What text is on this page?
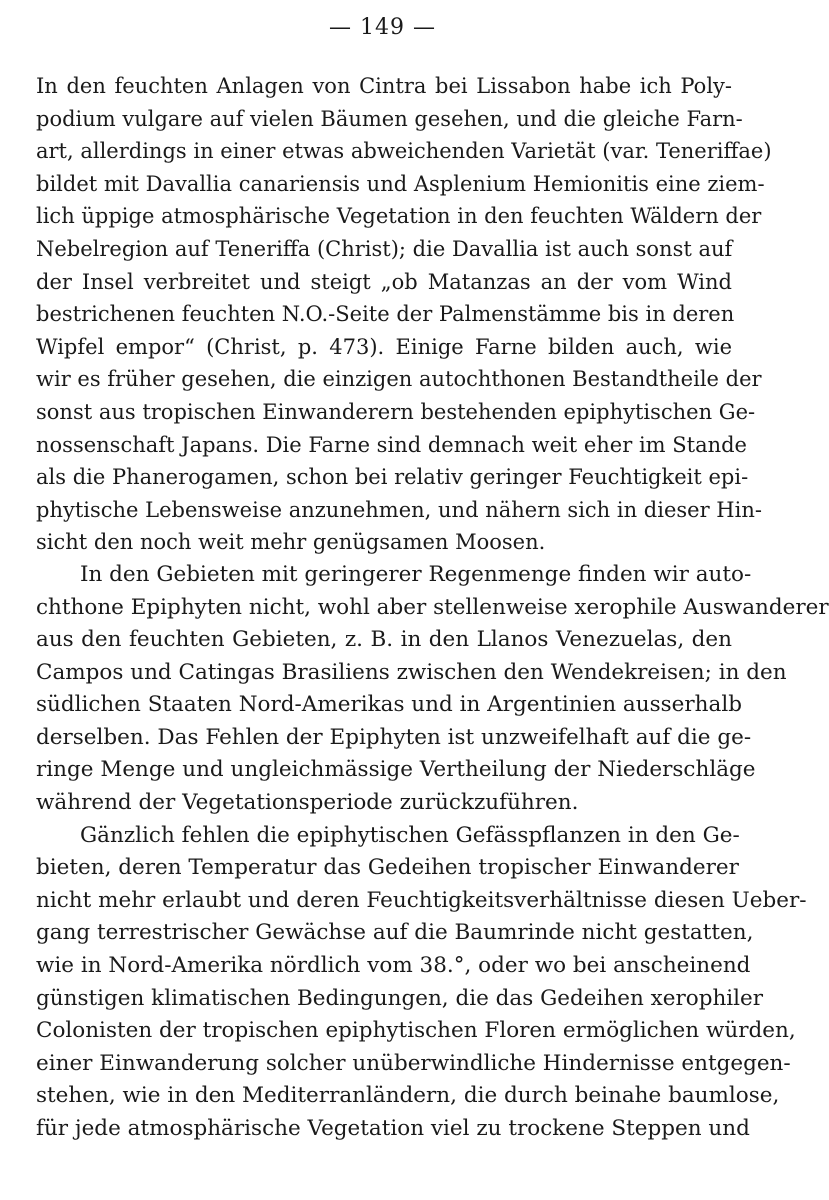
— 149 —
In den feuchten Anlagen von Cintra bei Lissabon habe ich Poly-
podium vulgare auf vielen Bäumen gesehen, und die gleiche Farn-
art, allerdings in einer etwas abweichenden Varietät (var. Teneriffae)
bildet mit Davallia canariensis und Asplenium Hemionitis eine ziem-
lich üppige atmosphärische Vegetation in den feuchten Wäldern der
Nebelregion auf Teneriffa (Christ); die Davallia ist auch sonst auf
der Insel verbreitet und steigt „ob Matanzas an der vom Wind
bestrichenen feuchten N.O.-Seite der Palmenstämme bis in deren
Wipfel empor“ (Christ, p. 473). Einige Farne bilden auch, wie
wir es früher gesehen, die einzigen autochthonen Bestandtheile der
sonst aus tropischen Einwanderern bestehenden epiphytischen Ge-
nossenschaft Japans. Die Farne sind demnach weit eher im Stande
als die Phanerogamen, schon bei relativ geringer Feuchtigkeit epi-
phytische Lebensweise anzunehmen, und nähern sich in dieser Hin-
sicht den noch weit mehr genügsamen Moosen.
In den Gebieten mit geringerer Regenmenge finden wir auto-
chthone Epiphyten nicht, wohl aber stellenweise xerophile Auswanderer
aus den feuchten Gebieten, z. B. in den Llanos Venezuelas, den
Campos und Catingas Brasiliens zwischen den Wendekreisen; in den
südlichen Staaten Nord-Amerikas und in Argentinien ausserhalb
derselben. Das Fehlen der Epiphyten ist unzweifelhaft auf die ge-
ringe Menge und ungleichmässige Vertheilung der Niederschläge
während der Vegetationsperiode zurückzuführen.
Gänzlich fehlen die epiphytischen Gefässpflanzen in den Ge-
bieten, deren Temperatur das Gedeihen tropischer Einwanderer
nicht mehr erlaubt und deren Feuchtigkeitsverhältnisse diesen Ueber-
gang terrestrischer Gewächse auf die Baumrinde nicht gestatten,
wie in Nord-Amerika nördlich vom 38.°, oder wo bei anscheinend
günstigen klimatischen Bedingungen, die das Gedeihen xerophiler
Colonisten der tropischen epiphytischen Floren ermöglichen würden,
einer Einwanderung solcher unüberwindliche Hindernisse entgegen-
stehen, wie in den Mediterranländern, die durch beinahe baumlose,
für jede atmosphärische Vegetation viel zu trockene Steppen und
